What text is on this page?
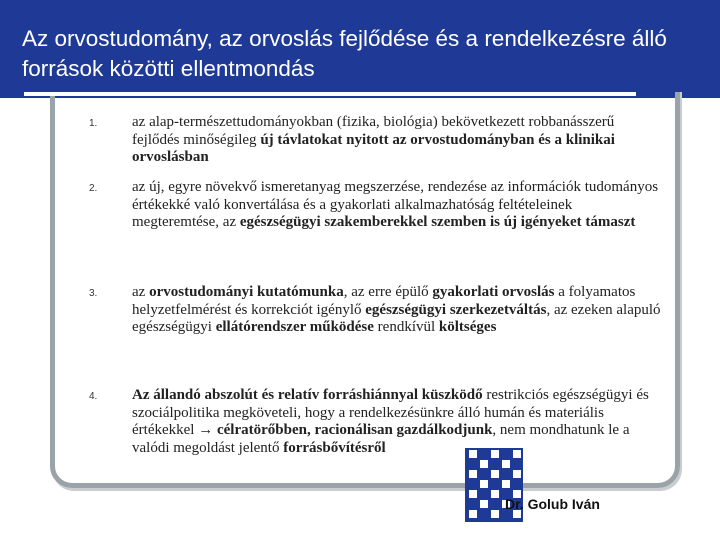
Az orvostudomány, az orvoslás fejlődése és a rendelkezésre álló források közötti ellentmondás
1. az alap-természettudományokban (fizika, biológia) bekövetkezett robbanásszerű fejlődés minőségileg új távlatokat nyitott az orvostudományban és a klinikai orvoslásban
2. az új, egyre növekvő ismeretanyag megszerzése, rendezése az információk tudományos értékekké való konvertálása és a gyakorlati alkalmazhatóság feltételeinek megteremtése, az egészségügyi szakemberekkel szemben is új igényeket támaszt
3. az orvostudományi kutatómunka, az erre épülő gyakorlati orvoslás a folyamatos helyzetfelmérést és korrekciót igénylő egészségügyi szerkezetváltás, az ezeken alapuló egészségügyi ellátórendszer működése rendkívül költséges
4. Az állandó abszolút és relatív forráshiánnyal küszködő restrikciós egészségügyi és szociálpolitika megköveteli, hogy a rendelkezésünkre álló humán és materiális értékekkel → célratörőbben, racionálisan gazdálkodjunk, nem mondhatunk le a valódi megoldást jelentő forrásbővítésről
Dr. Golub Iván
